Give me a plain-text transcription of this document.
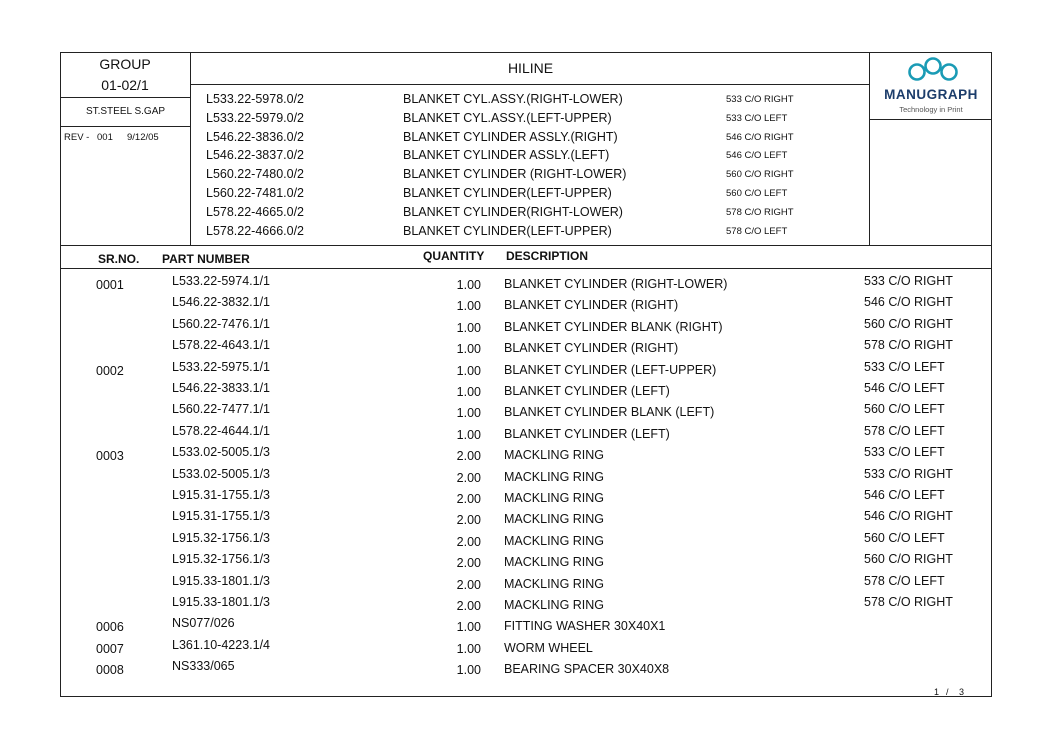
GROUP
01-02/1
ST.STEEL S.GAP
REV - 001 9/12/05
HILINE
L533.22-5978.0/2	BLANKET CYL.ASSY.(RIGHT-LOWER)	533 C/O RIGHT
L533.22-5979.0/2	BLANKET CYL.ASSY.(LEFT-UPPER)	533 C/O LEFT
L546.22-3836.0/2	BLANKET CYLINDER ASSLY.(RIGHT)	546 C/O RIGHT
L546.22-3837.0/2	BLANKET CYLINDER ASSLY.(LEFT)	546 C/O LEFT
L560.22-7480.0/2	BLANKET CYLINDER (RIGHT-LOWER)	560 C/O RIGHT
L560.22-7481.0/2	BLANKET CYLINDER(LEFT-UPPER)	560 C/O LEFT
L578.22-4665.0/2	BLANKET CYLINDER(RIGHT-LOWER)	578 C/O RIGHT
L578.22-4666.0/2	BLANKET CYLINDER(LEFT-UPPER)	578 C/O LEFT
MANUGRAPH
Technology in Print
SR.NO. PART NUMBER	QUANTITY DESCRIPTION
0001	L533.22-5974.1/1	1.00 BLANKET CYLINDER (RIGHT-LOWER)	533 C/O RIGHT
L546.22-3832.1/1	1.00 BLANKET CYLINDER (RIGHT)	546 C/O RIGHT
L560.22-7476.1/1	1.00 BLANKET CYLINDER BLANK (RIGHT)	560 C/O RIGHT
L578.22-4643.1/1	1.00 BLANKET CYLINDER (RIGHT)	578 C/O RIGHT
0002	L533.22-5975.1/1	1.00 BLANKET CYLINDER (LEFT-UPPER)	533 C/O LEFT
L546.22-3833.1/1	1.00 BLANKET CYLINDER (LEFT)	546 C/O LEFT
L560.22-7477.1/1	1.00 BLANKET CYLINDER BLANK (LEFT)	560 C/O LEFT
L578.22-4644.1/1	1.00 BLANKET CYLINDER (LEFT)	578 C/O LEFT
0003	L533.02-5005.1/3	2.00 MACKLING RING	533 C/O LEFT
L533.02-5005.1/3	2.00 MACKLING RING	533 C/O RIGHT
L915.31-1755.1/3	2.00 MACKLING RING	546 C/O LEFT
L915.31-1755.1/3	2.00 MACKLING RING	546 C/O RIGHT
L915.32-1756.1/3	2.00 MACKLING RING	560 C/O LEFT
L915.32-1756.1/3	2.00 MACKLING RING	560 C/O RIGHT
L915.33-1801.1/3	2.00 MACKLING RING	578 C/O LEFT
L915.33-1801.1/3	2.00 MACKLING RING	578 C/O RIGHT
0006	NS077/026	1.00 FITTING WASHER 30X40X1
0007	L361.10-4223.1/4	1.00 WORM WHEEL
0008	NS333/065	1.00 BEARING SPACER 30X40X8
1 / 3
